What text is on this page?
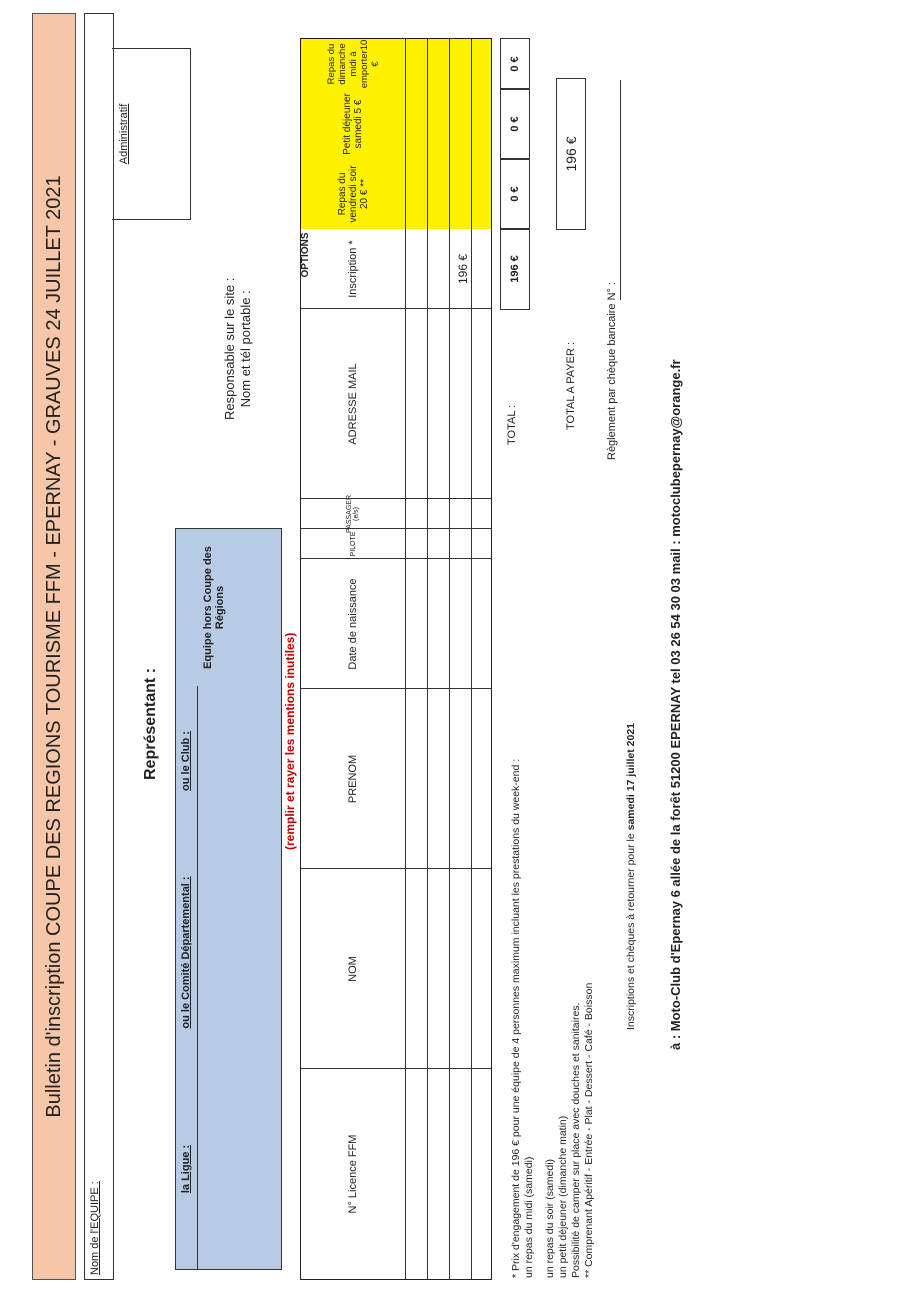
Bulletin d'inscription COUPE DES REGIONS TOURISME FFM - EPERNAY - GRAUVES 24 JUILLET 2021
Nom de l'EQUIPE :
Administratif
Représentant :
la Ligue :
ou le Comité Départemental :
ou le Club :
Equipe hors Coupe des Régions
(remplir et rayer les mentions inutiles)
Responsable sur le site : Nom et tél portable :
OPTIONS
N° Licence FFM
NOM
PRENOM
Date de naissance
PILOTE
PASSAGER (e/s)
ADRESSE MAIL
Inscription *	196 €
Repas du vendredi soir 20 € **
Petit déjeuner samedi 5 €
Repas du dimanche midi à emporter10 €
TOTAL :
196 €
0 €
0 €
0 €
TOTAL A PAYER :
196 €
Règlement par chèque bancaire N° :
* Prix d'engagement de 196 € pour une équipe de 4 personnes maximum incluant les prestations du week-end : un repas du midi (samedi) un repas du soir (samedi) un petit déjeuner (dimanche matin) Possibilité de camper sur place avec douches et sanitaires. ** Comprenant Apéritif - Entrée - Plat - Dessert - Café - Boisson
Inscriptions et chèques à retourner pour le samedi 17 juillet 2021 à : Moto-Club d'Epernay 6 allée de la forêt 51200 EPERNAY tel 03 26 54 30 03 mail : motoclubepernay@orange.fr
